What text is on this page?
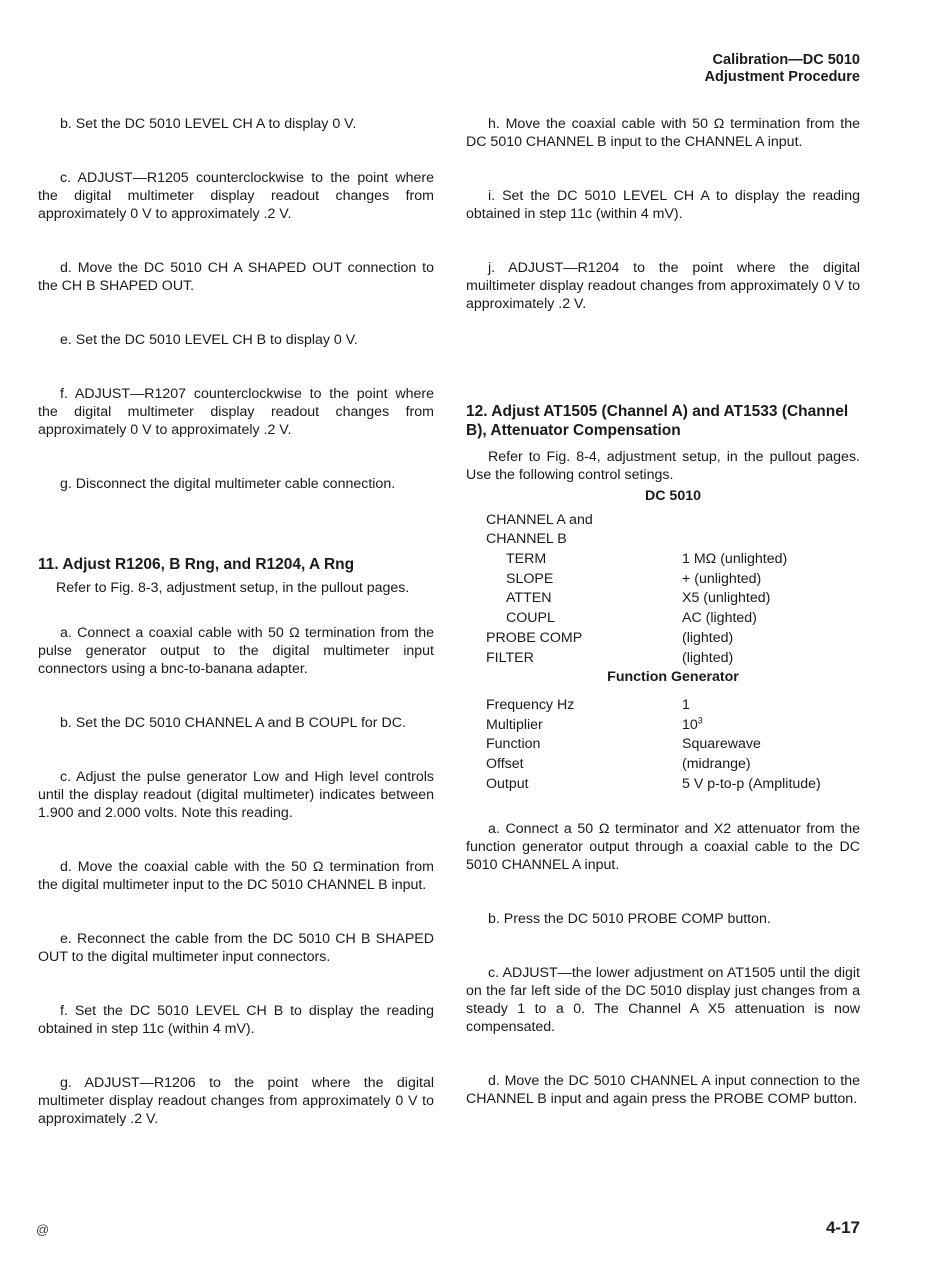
Calibration—DC 5010
Adjustment Procedure

b. Set the DC 5010 LEVEL CH A to display 0 V.

c. ADJUST—R1205 counterclockwise to the point where the digital multimeter display readout changes from approximately 0 V to approximately .2 V.

d. Move the DC 5010 CH A SHAPED OUT connection to the CH B SHAPED OUT.

e. Set the DC 5010 LEVEL CH B to display 0 V.

f. ADJUST—R1207 counterclockwise to the point where the digital multimeter display readout changes from approximately 0 V to approximately .2 V.

g. Disconnect the digital multimeter cable connection.

11. Adjust R1206, B Rng, and R1204, A Rng

Refer to Fig. 8-3, adjustment setup, in the pullout pages.

a. Connect a coaxial cable with 50 Ω termination from the pulse generator output to the digital multimeter input connectors using a bnc-to-banana adapter.

b. Set the DC 5010 CHANNEL A and B COUPL for DC.

c. Adjust the pulse generator Low and High level controls until the display readout (digital multimeter) indicates between 1.900 and 2.000 volts. Note this reading.

d. Move the coaxial cable with the 50 Ω termination from the digital multimeter input to the DC 5010 CHANNEL B input.

e. Reconnect the cable from the DC 5010 CH B SHAPED OUT to the digital multimeter input connectors.

f. Set the DC 5010 LEVEL CH B to display the reading obtained in step 11c (within 4 mV).

g. ADJUST—R1206 to the point where the digital multimeter display readout changes from approximately 0 V to approximately .2 V.

h. Move the coaxial cable with 50 Ω termination from the DC 5010 CHANNEL B input to the CHANNEL A input.

i. Set the DC 5010 LEVEL CH A to display the reading obtained in step 11c (within 4 mV).

j. ADJUST—R1204 to the point where the digital muiltimeter display readout changes from approximately 0 V to approximately .2 V.

12. Adjust AT1505 (Channel A) and AT1533 (Channel B), Attenuator Compensation

Refer to Fig. 8-4, adjustment setup, in the pullout pages. Use the following control setings.

DC 5010
CHANNEL A and
CHANNEL B
TERM	1 MΩ (unlighted)
SLOPE	+ (unlighted)
ATTEN	X5 (unlighted)
COUPL	AC (lighted)
PROBE COMP	(lighted)
FILTER	(lighted)
Function Generator
Frequency Hz	1
Multiplier	$10^3$
Function	Squarewave
Offset	(midrange)
Output	5 V p-to-p (Amplitude)

a. Connect a 50 Ω terminator and X2 attenuator from the function generator output through a coaxial cable to the DC 5010 CHANNEL A input.

b. Press the DC 5010 PROBE COMP button.

c. ADJUST—the lower adjustment on AT1505 until the digit on the far left side of the DC 5010 display just changes from a steady 1 to a 0. The Channel A X5 attenuation is now compensated.

d. Move the DC 5010 CHANNEL A input connection to the CHANNEL B input and again press the PROBE COMP button.

@	4-17
